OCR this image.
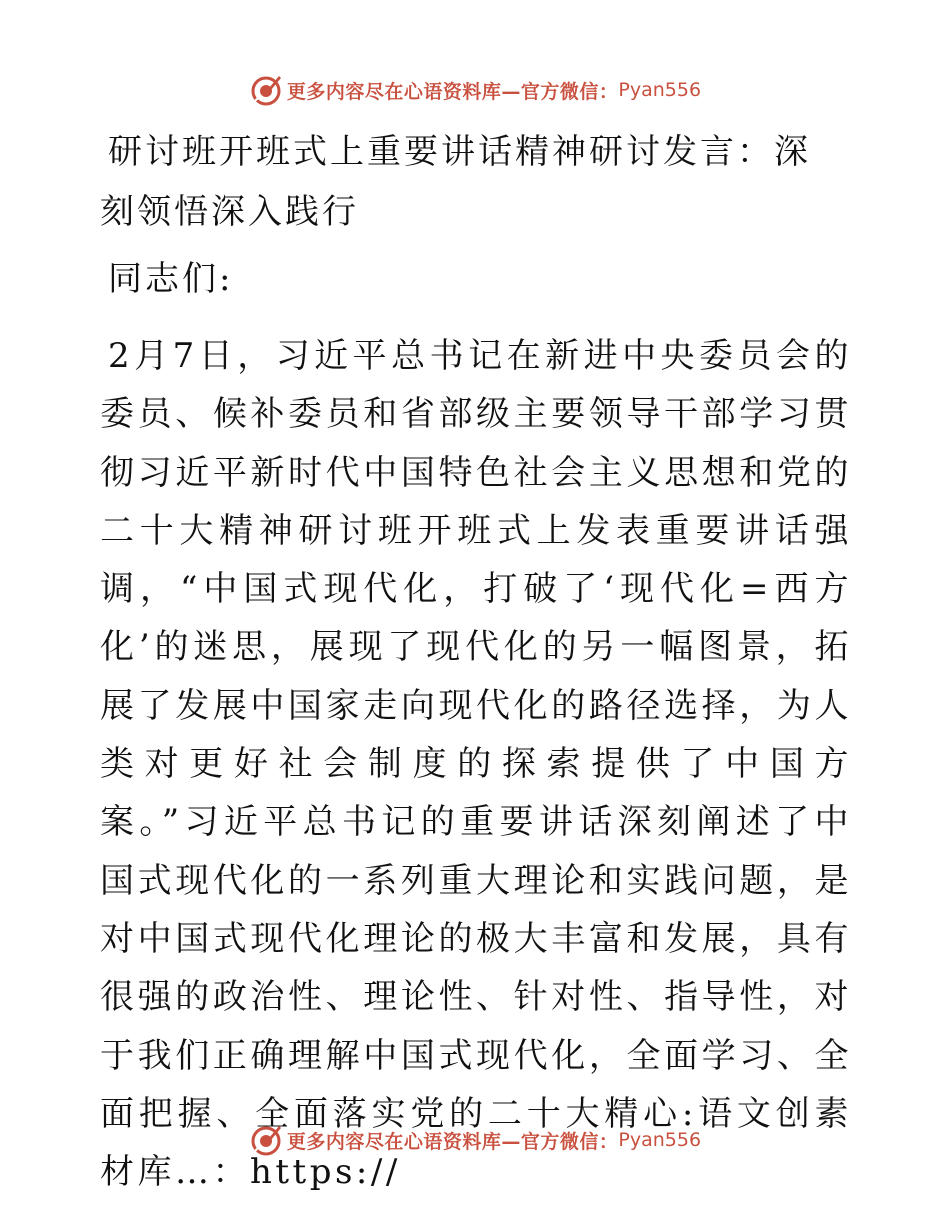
更多内容尽在心语资料库—官方微信： Pyan556
研讨班开班式上重要讲话精神研讨发言：深刻领悟深入践行

同志们:

2月7日，习近平总书记在新进中央委员会的委员、候补委员和省部级主要领导干部学习贯彻习近平新时代中国特色社会主义思想和党的二十大精神研讨班开班式上发表重要讲话强调，“中国式现代化，打破了‘现代化=西方化’的迷思，展现了现代化的另一幅图景，拓展了发展中国家走向现代化的路径选择，为人类对更好社会制度的探索提供了中国方案。”习近平总书记的重要讲话深刻阐述了中国式现代化的一系列重大理论和实践问题，是对中国式现代化理论的极大丰富和发展，具有很强的政治性、理论性、针对性、指导性，对于我们正确理解中国式现代化，全面学习、全面把握、全面落实党的二十大精心:语文创素材库…：https://

更多内容尽在心语资料库—官方微信： Pyan556
